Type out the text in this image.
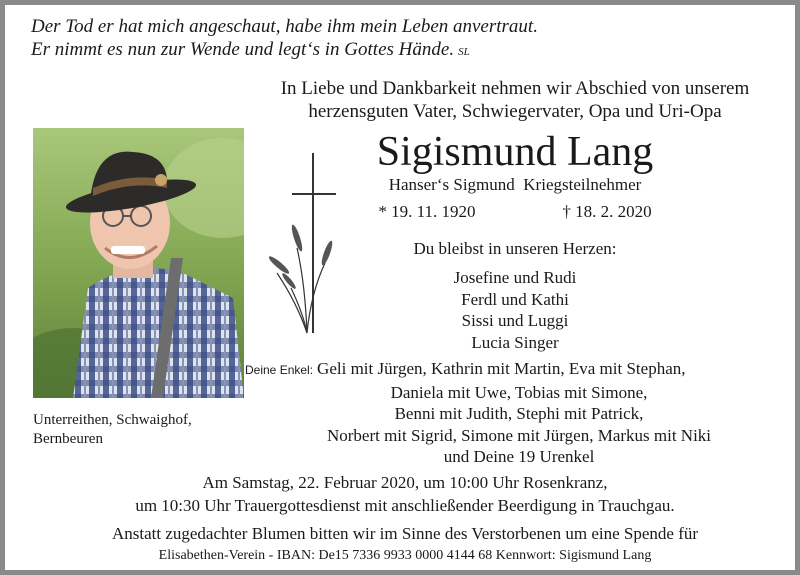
Der Tod er hat mich angeschaut, habe ihm mein Leben anvertraut.
Er nimmt es nun zur Wende und legt‘s in Gottes Hände. SL
In Liebe und Dankbarkeit nehmen wir Abschied von unserem
herzensguten Vater, Schwiegervater, Opa und Uri-Opa
Unterreithen, Schwaighof,
Bernbeuren
Sigismund Lang
Hanser‘s Sigmund Kriegsteilnehmer
* 19. 11. 1920	† 18. 2. 2020
Du bleibst in unseren Herzen:
Josefine und Rudi
Ferdl und Kathi
Sissi und Luggi
Lucia Singer
Deine Enkel: Geli mit Jürgen, Kathrin mit Martin, Eva mit Stephan,
Daniela mit Uwe, Tobias mit Simone,
Benni mit Judith, Stephi mit Patrick,
Norbert mit Sigrid, Simone mit Jürgen, Markus mit Niki
und Deine 19 Urenkel
Am Samstag, 22. Februar 2020, um 10:00 Uhr Rosenkranz,
um 10:30 Uhr Trauergottesdienst mit anschließender Beerdigung in Trauchgau.
Anstatt zugedachter Blumen bitten wir im Sinne des Verstorbenen um eine Spende für
Elisabethen-Verein - IBAN: De15 7336 9933 0000 4144 68 Kennwort: Sigismund Lang
